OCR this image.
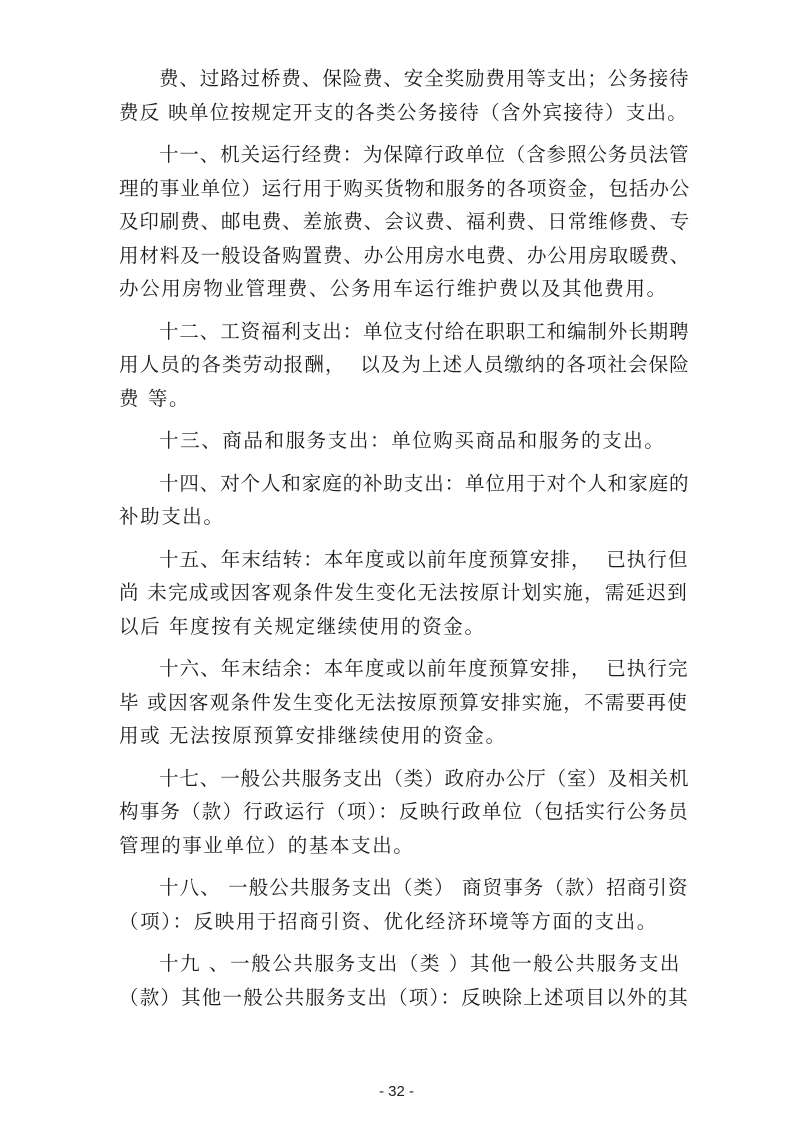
费、过路过桥费、保险费、安全奖励费用等支出；公务接待
费反 映单位按规定开支的各类公务接待（含外宾接待）支出。
十一、机关运行经费：为保障行政单位（含参照公务员法管
理的事业单位）运行用于购买货物和服务的各项资金，包括办公
及印刷费、邮电费、差旅费、会议费、福利费、日常维修费、专
用材料及一般设备购置费、办公用房水电费、办公用房取暖费、
办公用房物业管理费、公务用车运行维护费以及其他费用。
十二、工资福利支出：单位支付给在职职工和编制外长期聘
用人员的各类劳动报酬，  以及为上述人员缴纳的各项社会保险
费 等。
十三、商品和服务支出：单位购买商品和服务的支出。
十四、对个人和家庭的补助支出：单位用于对个人和家庭的
补助支出。
十五、年末结转：本年度或以前年度预算安排，  已执行但
尚 未完成或因客观条件发生变化无法按原计划实施，需延迟到
以后 年度按有关规定继续使用的资金。
十六、年末结余：本年度或以前年度预算安排，  已执行完
毕 或因客观条件发生变化无法按原预算安排实施，不需要再使
用或 无法按原预算安排继续使用的资金。
十七、一般公共服务支出（类）政府办公厅（室）及相关机
构事务（款）行政运行（项）：反映行政单位（包括实行公务员
管理的事业单位）的基本支出。
十八、 一般公共服务支出（类） 商贸事务（款）招商引资
（项）：反映用于招商引资、优化经济环境等方面的支出。
十九 、一般公共服务支出（类 ）其他一般公共服务支出
（款）其他一般公共服务支出（项）：反映除上述项目以外的其
- 32 -
